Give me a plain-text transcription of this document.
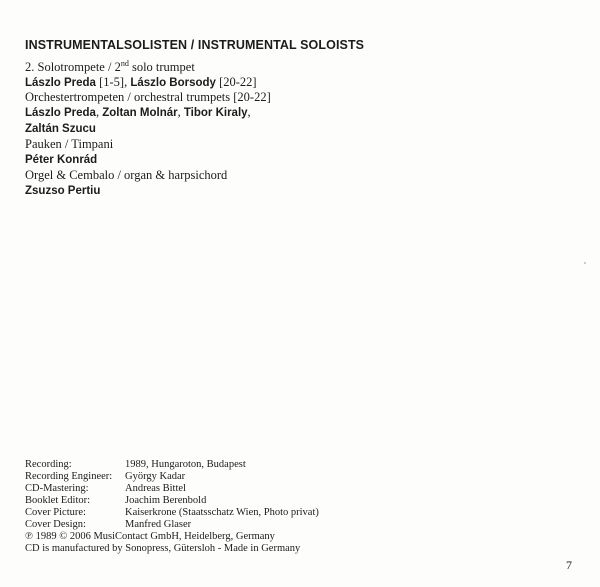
INSTRUMENTALSOLISTEN / INSTRUMENTAL SOLOISTS
2. Solotrompete / 2nd solo trumpet
Lászlo Preda [1-5], Lászlo Borsody [20-22]
Orchestertrompeten / orchestral trumpets [20-22]
Lászlo Preda, Zoltan Molnár, Tibor Kiraly,
Zaltán Szucu
Pauken / Timpani
Péter Konrád
Orgel & Cembalo / organ & harpsichord
Zsuzso Pertiu
Recording:	1989, Hungaroton, Budapest
Recording Engineer: György Kadar
CD-Mastering:	Andreas Bittel
Booklet Editor:	Joachim Berenbold
Cover Picture:	Kaiserkrone (Staatsschatz Wien, Photo privat)
Cover Design:	Manfred Glaser
℗ 1989 © 2006 MusiContact GmbH, Heidelberg, Germany
CD is manufactured by Sonopress, Gütersloh - Made in Germany
7
